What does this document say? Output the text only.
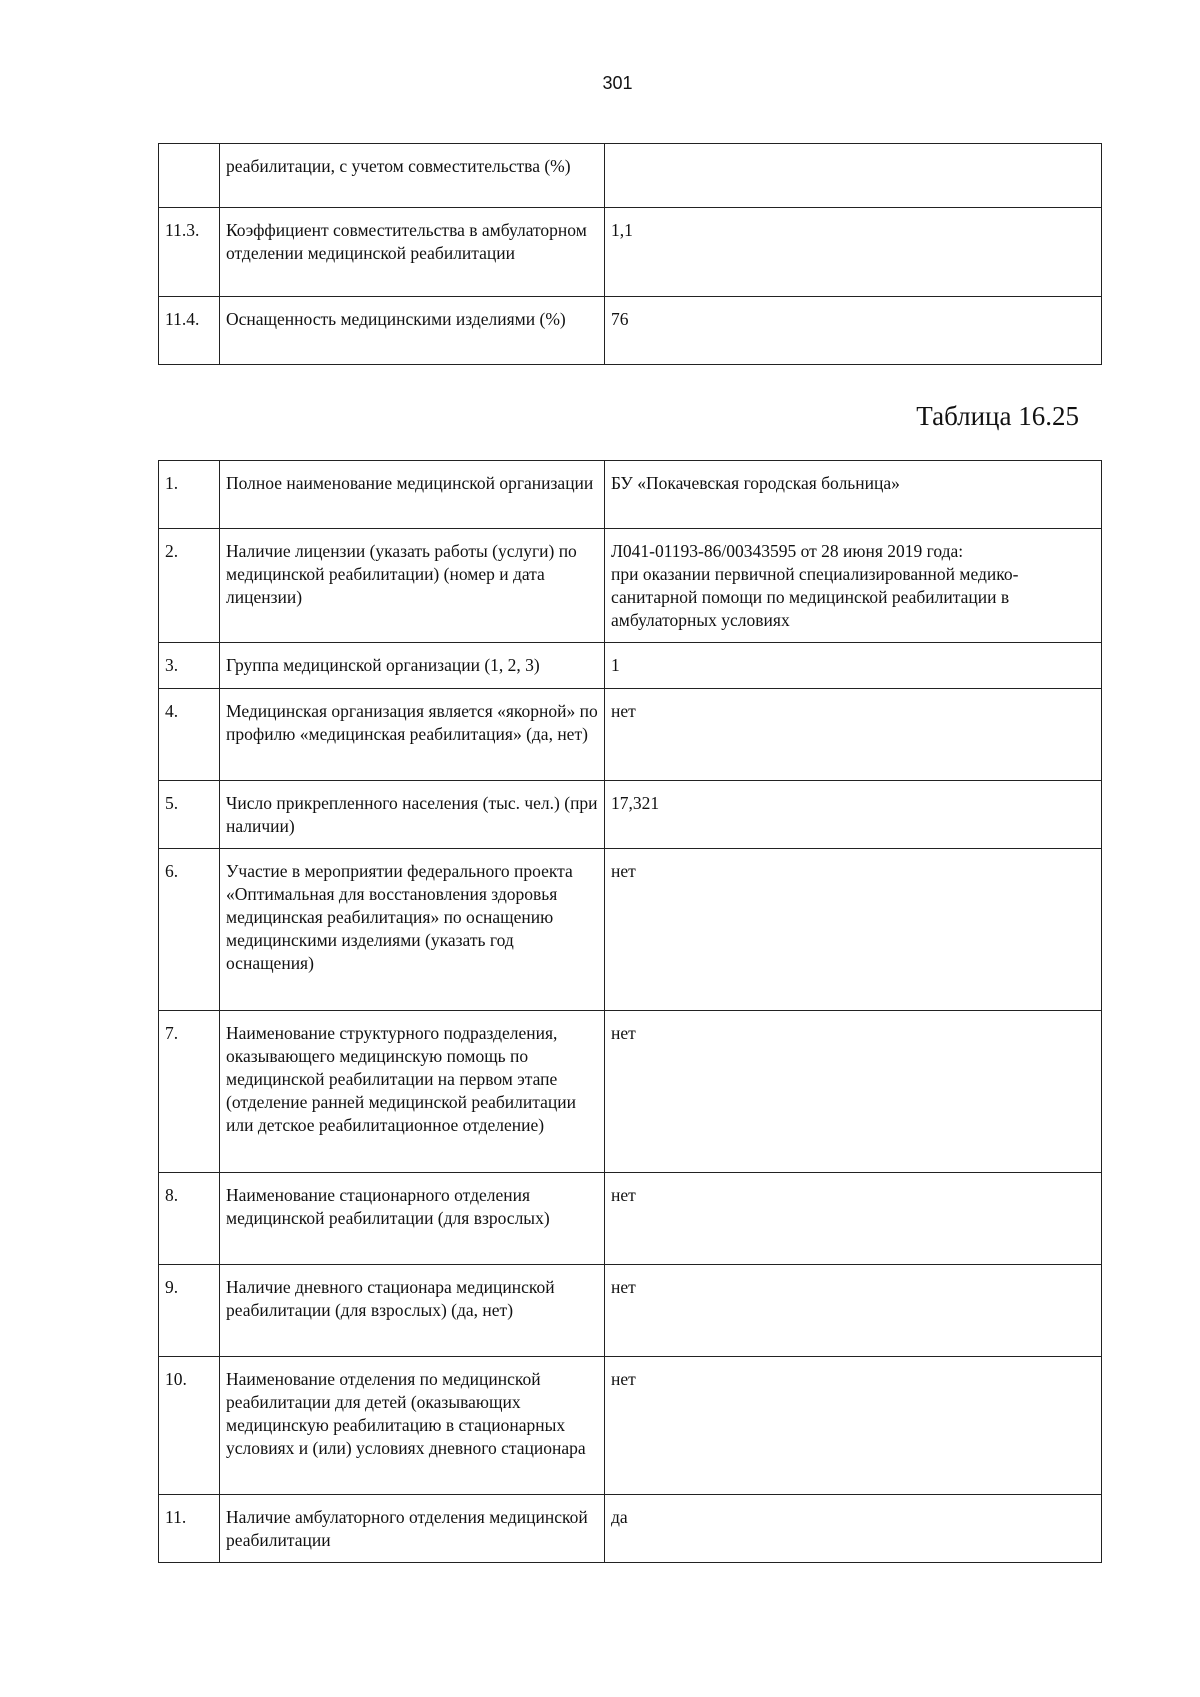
301
	реабилитации, с учетом совместительства (%)	
11.3.	Коэффициент совместительства в амбулаторном отделении медицинской реабилитации	1,1
11.4.	Оснащенность медицинскими изделиями (%)	76
Таблица 16.25
1.	Полное наименование медицинской организации	БУ «Покачевская городская больница»
2.	Наличие лицензии (указать работы (услуги) по медицинской реабилитации) (номер и дата лицензии)	Л041-01193-86/00343595 от 28 июня 2019 года:
при оказании первичной специализированной медико-санитарной помощи по медицинской реабилитации в амбулаторных условиях

3.	Группа медицинской организации (1, 2, 3)	1
4.	Медицинская организация является «якорной» по профилю «медицинская реабилитация» (да, нет)	нет
5.	Число прикрепленного населения (тыс. чел.) (при наличии)	17,321
6.	Участие в мероприятии федерального проекта «Оптимальная для восстановления здоровья медицинская реабилитация» по оснащению медицинскими изделиями (указать год оснащения)	нет
7.	Наименование структурного подразделения, оказывающего медицинскую помощь по медицинской реабилитации на первом этапе (отделение ранней медицинской реабилитации или детское реабилитационное отделение)	нет
8.	Наименование стационарного отделения медицинской реабилитации (для взрослых)	нет
9.	Наличие дневного стационара медицинской реабилитации (для взрослых) (да, нет)	нет
10.	Наименование отделения по медицинской реабилитации для детей (оказывающих медицинскую реабилитацию в стационарных условиях и (или) условиях дневного стационара	нет
11.	Наличие амбулаторного отделения медицинской реабилитации	да
